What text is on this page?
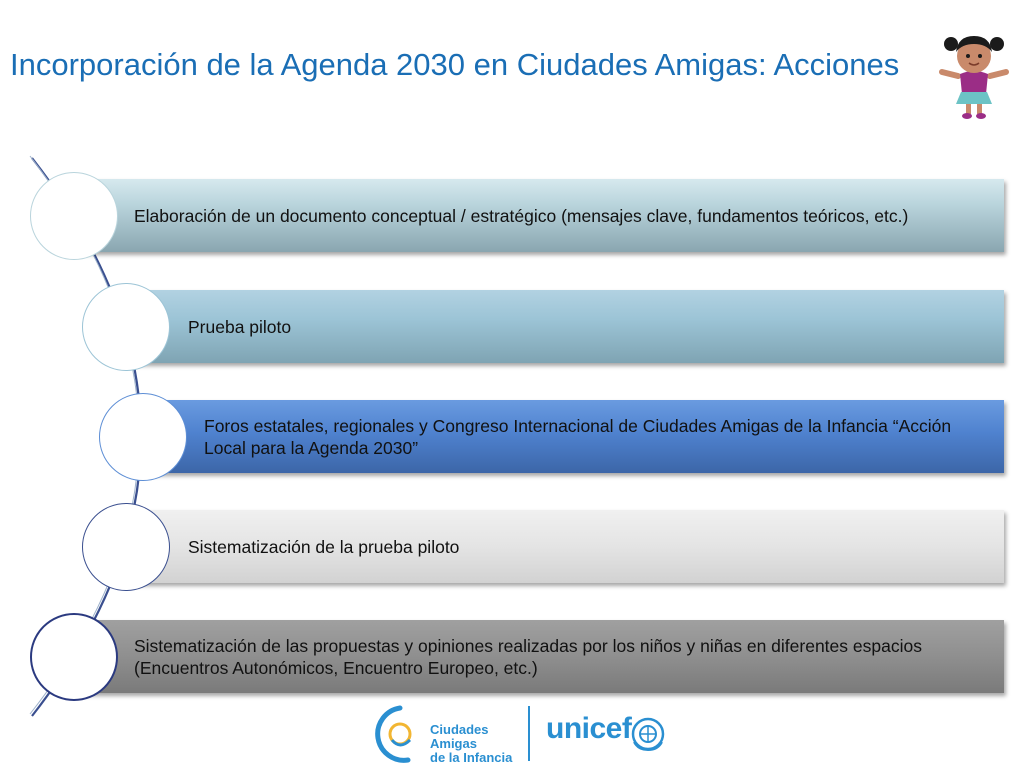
Incorporación de la Agenda 2030 en Ciudades Amigas: Acciones
Elaboración de un documento conceptual / estratégico (mensajes clave, fundamentos teóricos, etc.)
Prueba piloto
Foros estatales, regionales y Congreso Internacional de Ciudades Amigas de la Infancia “Acción Local para la Agenda 2030”
Sistematización de la prueba piloto
Sistematización de las propuestas y opiniones realizadas por los niños y niñas en diferentes espacios (Encuentros Autonómicos, Encuentro Europeo, etc.)
Ciudades
Amigas
de la Infancia
unicef
